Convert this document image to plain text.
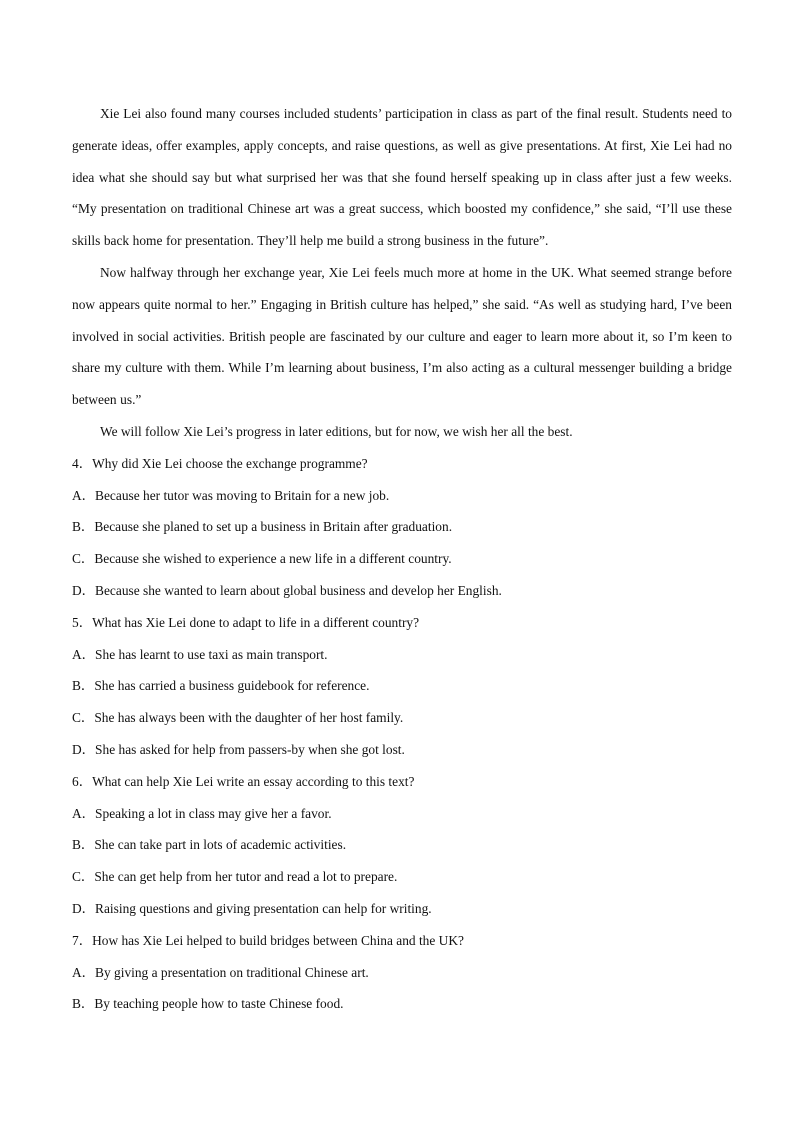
Xie Lei also found many courses included students’ participation in class as part of the final result. Students need to generate ideas, offer examples, apply concepts, and raise questions, as well as give presentations. At first, Xie Lei had no idea what she should say but what surprised her was that she found herself speaking up in class after just a few weeks. “My presentation on traditional Chinese art was a great success, which boosted my confidence,” she said, “I’ll use these skills back home for presentation. They’ll help me build a strong business in the future”.

Now halfway through her exchange year, Xie Lei feels much more at home in the UK. What seemed strange before now appears quite normal to her.” Engaging in British culture has helped,” she said. “As well as studying hard, I’ve been involved in social activities. British people are fascinated by our culture and eager to learn more about it, so I’m keen to share my culture with them. While I’m learning about business, I’m also acting as a cultural messenger building a bridge between us.”

We will follow Xie Lei’s progress in later editions, but for now, we wish her all the best.

4．Why did Xie Lei choose the exchange programme?

A．Because her tutor was moving to Britain for a new job.

B．Because she planed to set up a business in Britain after graduation.

C．Because she wished to experience a new life in a different country.

D．Because she wanted to learn about global business and develop her English.

5．What has Xie Lei done to adapt to life in a different country?

A．She has learnt to use taxi as main transport.

B．She has carried a business guidebook for reference.

C．She has always been with the daughter of her host family.

D．She has asked for help from passers-by when she got lost.

6．What can help Xie Lei write an essay according to this text?

A．Speaking a lot in class may give her a favor.

B．She can take part in lots of academic activities.

C．She can get help from her tutor and read a lot to prepare.

D．Raising questions and giving presentation can help for writing.

7．How has Xie Lei helped to build bridges between China and the UK?

A．By giving a presentation on traditional Chinese art.

B．By teaching people how to taste Chinese food.
